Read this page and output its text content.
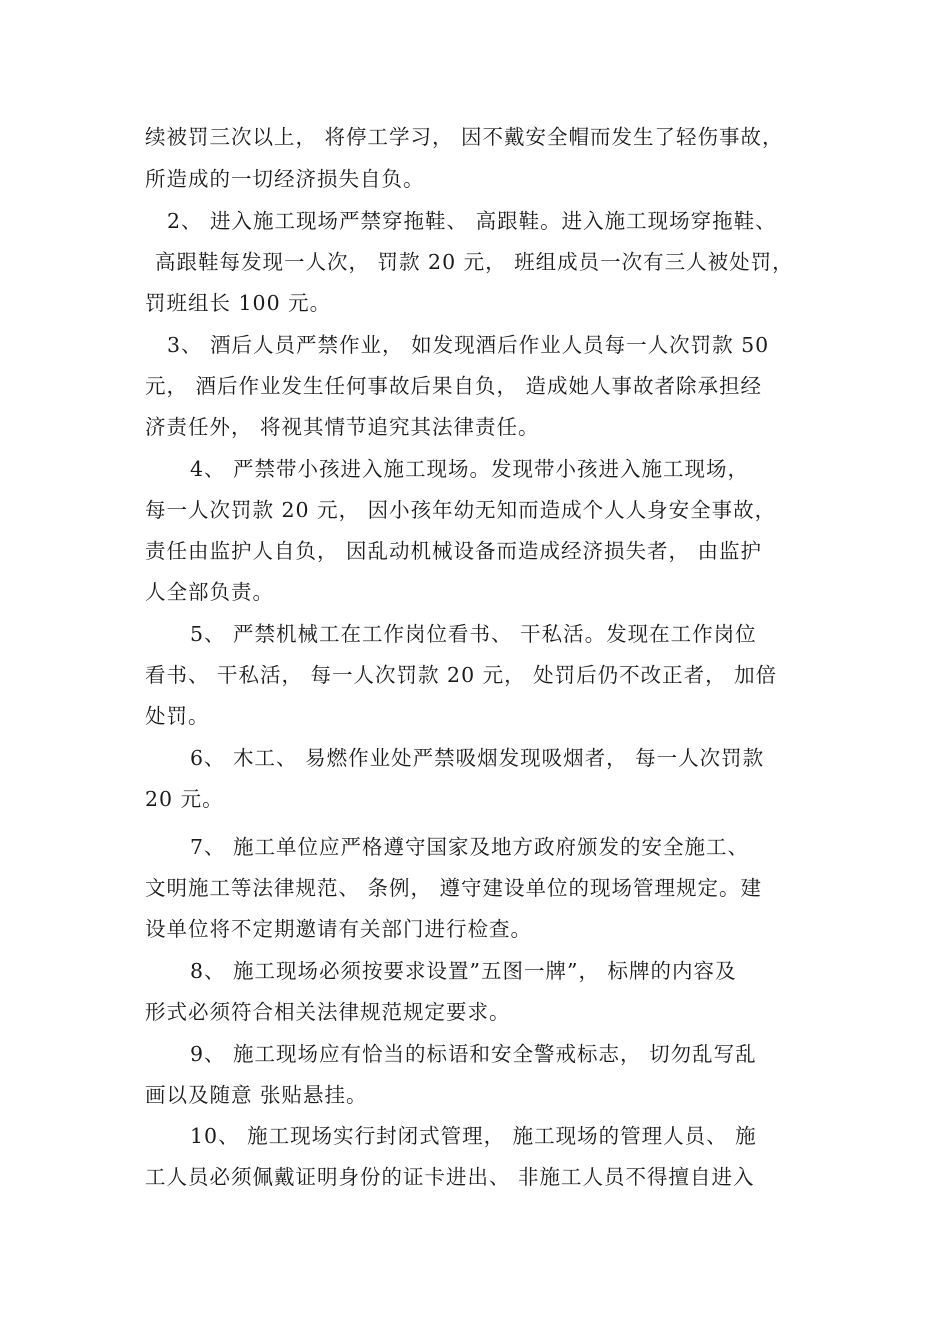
续被罚三次以上， 将停工学习， 因不戴安全帽而发生了轻伤事故，
所造成的一切经济损失自负。
2、 进入施工现场严禁穿拖鞋、 高跟鞋。进入施工现场穿拖鞋、
高跟鞋每发现一人次， 罚款 20 元， 班组成员一次有三人被处罚，
罚班组长 100 元。
3、 酒后人员严禁作业， 如发现酒后作业人员每一人次罚款 50
元， 酒后作业发生任何事故后果自负， 造成她人事故者除承担经
济责任外， 将视其情节追究其法律责任。
4、 严禁带小孩进入施工现场。发现带小孩进入施工现场，
每一人次罚款 20 元， 因小孩年幼无知而造成个人人身安全事故，
责任由监护人自负， 因乱动机械设备而造成经济损失者， 由监护
人全部负责。
5、 严禁机械工在工作岗位看书、 干私活。发现在工作岗位
看书、 干私活， 每一人次罚款 20 元， 处罚后仍不改正者， 加倍
处罚。
6、 木工、 易燃作业处严禁吸烟发现吸烟者， 每一人次罚款
20 元。
7、 施工单位应严格遵守国家及地方政府颁发的安全施工、
文明施工等法律规范、 条例， 遵守建设单位的现场管理规定。建
设单位将不定期邀请有关部门进行检查。
8、 施工现场必须按要求设置”五图一牌”， 标牌的内容及
形式必须符合相关法律规范规定要求。
9、 施工现场应有恰当的标语和安全警戒标志， 切勿乱写乱
画以及随意 张贴悬挂。
10、 施工现场实行封闭式管理， 施工现场的管理人员、 施
工人员必须佩戴证明身份的证卡进出、 非施工人员不得擅自进入
